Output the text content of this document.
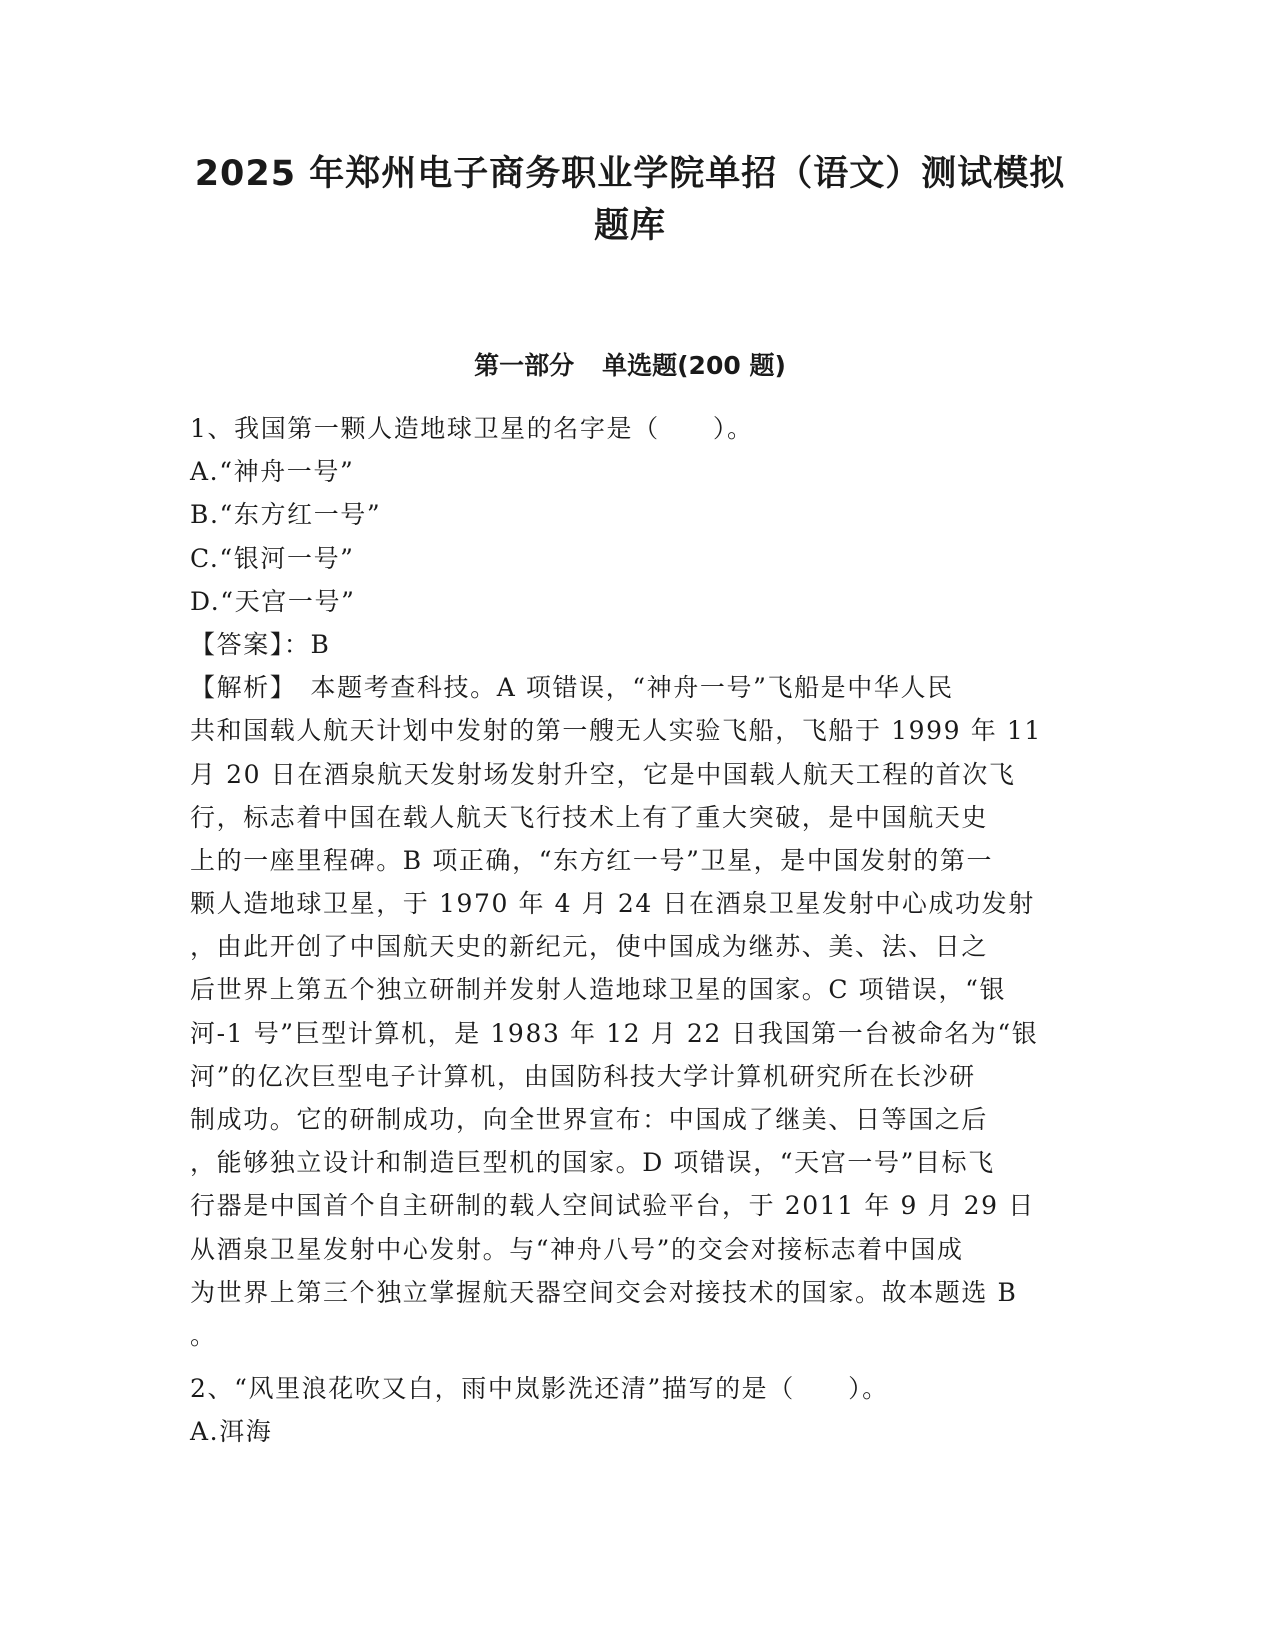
2025 年郑州电子商务职业学院单招（语文）测试模拟
题库
第一部分 单选题(200 题)
1、我国第一颗人造地球卫星的名字是（　　）。
A.“神舟一号”
B.“东方红一号”
C.“银河一号”
D.“天宫一号”
【答案】：B
【解析】　本题考查科技。A 项错误，“神舟一号”飞船是中华人民
共和国载人航天计划中发射的第一艘无人实验飞船，飞船于 1999 年 11
月 20 日在酒泉航天发射场发射升空，它是中国载人航天工程的首次飞
行，标志着中国在载人航天飞行技术上有了重大突破，是中国航天史
上的一座里程碑。B 项正确，“东方红一号”卫星，是中国发射的第一
颗人造地球卫星，于 1970 年 4 月 24 日在酒泉卫星发射中心成功发射
，由此开创了中国航天史的新纪元，使中国成为继苏、美、法、日之
后世界上第五个独立研制并发射人造地球卫星的国家。C 项错误，“银
河-1 号”巨型计算机，是 1983 年 12 月 22 日我国第一台被命名为“银
河”的亿次巨型电子计算机，由国防科技大学计算机研究所在长沙研
制成功。它的研制成功，向全世界宣布：中国成了继美、日等国之后
，能够独立设计和制造巨型机的国家。D 项错误，“天宫一号”目标飞
行器是中国首个自主研制的载人空间试验平台，于 2011 年 9 月 29 日
从酒泉卫星发射中心发射。与“神舟八号”的交会对接标志着中国成
为世界上第三个独立掌握航天器空间交会对接技术的国家。故本题选 B
。
2、“风里浪花吹又白，雨中岚影洗还清”描写的是（　　）。
A.洱海
